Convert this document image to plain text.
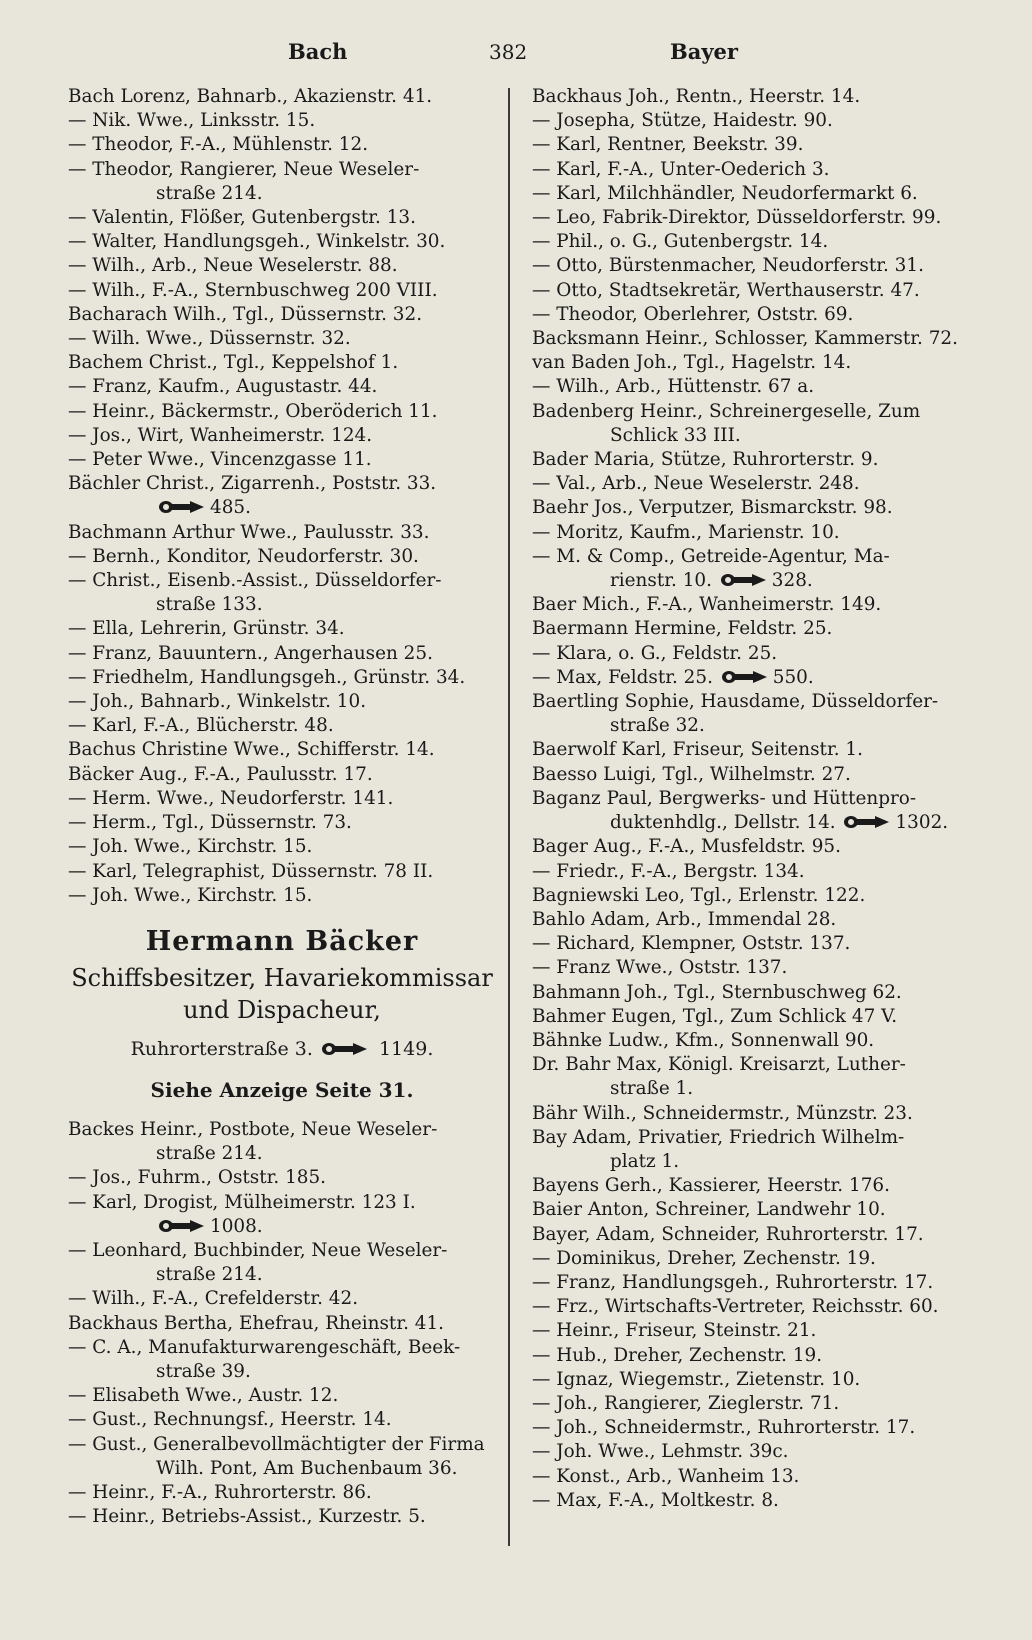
Bach	382	Bayer
Bach Lorenz, Bahnarb., Akazienstr. 41.
— Nik. Wwe., Linksstr. 15.
— Theodor, F.-A., Mühlenstr. 12.
— Theodor, Rangierer, Neue Weseler-
straße 214.
— Valentin, Flößer, Gutenbergstr. 13.
— Walter, Handlungsgeh., Winkelstr. 30.
— Wilh., Arb., Neue Weselerstr. 88.
— Wilh., F.-A., Sternbuschweg 200 VIII.
Bacharach Wilh., Tgl., Düssernstr. 32.
— Wilh. Wwe., Düssernstr. 32.
Bachem Christ., Tgl., Keppelshof 1.
— Franz, Kaufm., Augustastr. 44.
— Heinr., Bäckermstr., Oberöderich 11.
— Jos., Wirt, Wanheimerstr. 124.
— Peter Wwe., Vincenzgasse 11.
Bächler Christ., Zigarrenh., Poststr. 33.
485.
Bachmann Arthur Wwe., Paulusstr. 33.
— Bernh., Konditor, Neudorferstr. 30.
— Christ., Eisenb.-Assist., Düsseldorfer-
straße 133.
— Ella, Lehrerin, Grünstr. 34.
— Franz, Bauuntern., Angerhausen 25.
— Friedhelm, Handlungsgeh., Grünstr. 34.
— Joh., Bahnarb., Winkelstr. 10.
— Karl, F.-A., Blücherstr. 48.
Bachus Christine Wwe., Schifferstr. 14.
Bäcker Aug., F.-A., Paulusstr. 17.
— Herm. Wwe., Neudorferstr. 141.
— Herm., Tgl., Düssernstr. 73.
— Joh. Wwe., Kirchstr. 15.
— Karl, Telegraphist, Düssernstr. 78 II.
— Joh. Wwe., Kirchstr. 15.
Hermann Bäcker
Schiffsbesitzer, Havariekommissar
und Dispacheur,
Ruhrorterstraße 3.	1149.
Siehe Anzeige Seite 31.
Backes Heinr., Postbote, Neue Weseler-
straße 214.
— Jos., Fuhrm., Oststr. 185.
— Karl, Drogist, Mülheimerstr. 123 I.
1008.
— Leonhard, Buchbinder, Neue Weseler-
straße 214.
— Wilh., F.-A., Crefelderstr. 42.
Backhaus Bertha, Ehefrau, Rheinstr. 41.
— C. A., Manufakturwarengeschäft, Beek-
straße 39.
— Elisabeth Wwe., Austr. 12.
— Gust., Rechnungsf., Heerstr. 14.
— Gust., Generalbevollmächtigter der Firma
Wilh. Pont, Am Buchenbaum 36.
— Heinr., F.-A., Ruhrorterstr. 86.
— Heinr., Betriebs-Assist., Kurzestr. 5.
Backhaus Joh., Rentn., Heerstr. 14.
— Josepha, Stütze, Haidestr. 90.
— Karl, Rentner, Beekstr. 39.
— Karl, F.-A., Unter-Oederich 3.
— Karl, Milchhändler, Neudorfermarkt 6.
— Leo, Fabrik-Direktor, Düsseldorferstr. 99.
— Phil., o. G., Gutenbergstr. 14.
— Otto, Bürstenmacher, Neudorferstr. 31.
— Otto, Stadtsekretär, Werthauserstr. 47.
— Theodor, Oberlehrer, Oststr. 69.
Backsmann Heinr., Schlosser, Kammerstr. 72.
van Baden Joh., Tgl., Hagelstr. 14.
— Wilh., Arb., Hüttenstr. 67 a.
Badenberg Heinr., Schreinergeselle, Zum
Schlick 33 III.
Bader Maria, Stütze, Ruhrorterstr. 9.
— Val., Arb., Neue Weselerstr. 248.
Baehr Jos., Verputzer, Bismarckstr. 98.
— Moritz, Kaufm., Marienstr. 10.
— M. & Comp., Getreide-Agentur, Ma-
rienstr. 10.	328.
Baer Mich., F.-A., Wanheimerstr. 149.
Baermann Hermine, Feldstr. 25.
— Klara, o. G., Feldstr. 25.
— Max, Feldstr. 25.	550.
Baertling Sophie, Hausdame, Düsseldorfer-
straße 32.
Baerwolf Karl, Friseur, Seitenstr. 1.
Baesso Luigi, Tgl., Wilhelmstr. 27.
Baganz Paul, Bergwerks- und Hüttenpro-
duktenhdlg., Dellstr. 14.	1302.
Bager Aug., F.-A., Musfeldstr. 95.
— Friedr., F.-A., Bergstr. 134.
Bagniewski Leo, Tgl., Erlenstr. 122.
Bahlo Adam, Arb., Immendal 28.
— Richard, Klempner, Oststr. 137.
— Franz Wwe., Oststr. 137.
Bahmann Joh., Tgl., Sternbuschweg 62.
Bahmer Eugen, Tgl., Zum Schlick 47 V.
Bähnke Ludw., Kfm., Sonnenwall 90.
Dr. Bahr Max, Königl. Kreisarzt, Luther-
straße 1.
Bähr Wilh., Schneidermstr., Münzstr. 23.
Bay Adam, Privatier, Friedrich Wilhelm-
platz 1.
Bayens Gerh., Kassierer, Heerstr. 176.
Baier Anton, Schreiner, Landwehr 10.
Bayer, Adam, Schneider, Ruhrorterstr. 17.
— Dominikus, Dreher, Zechenstr. 19.
— Franz, Handlungsgeh., Ruhrorterstr. 17.
— Frz., Wirtschafts-Vertreter, Reichsstr. 60.
— Heinr., Friseur, Steinstr. 21.
— Hub., Dreher, Zechenstr. 19.
— Ignaz, Wiegemstr., Zietenstr. 10.
— Joh., Rangierer, Zieglerstr. 71.
— Joh., Schneidermstr., Ruhrorterstr. 17.
— Joh. Wwe., Lehmstr. 39c.
— Konst., Arb., Wanheim 13.
— Max, F.-A., Moltkestr. 8.
